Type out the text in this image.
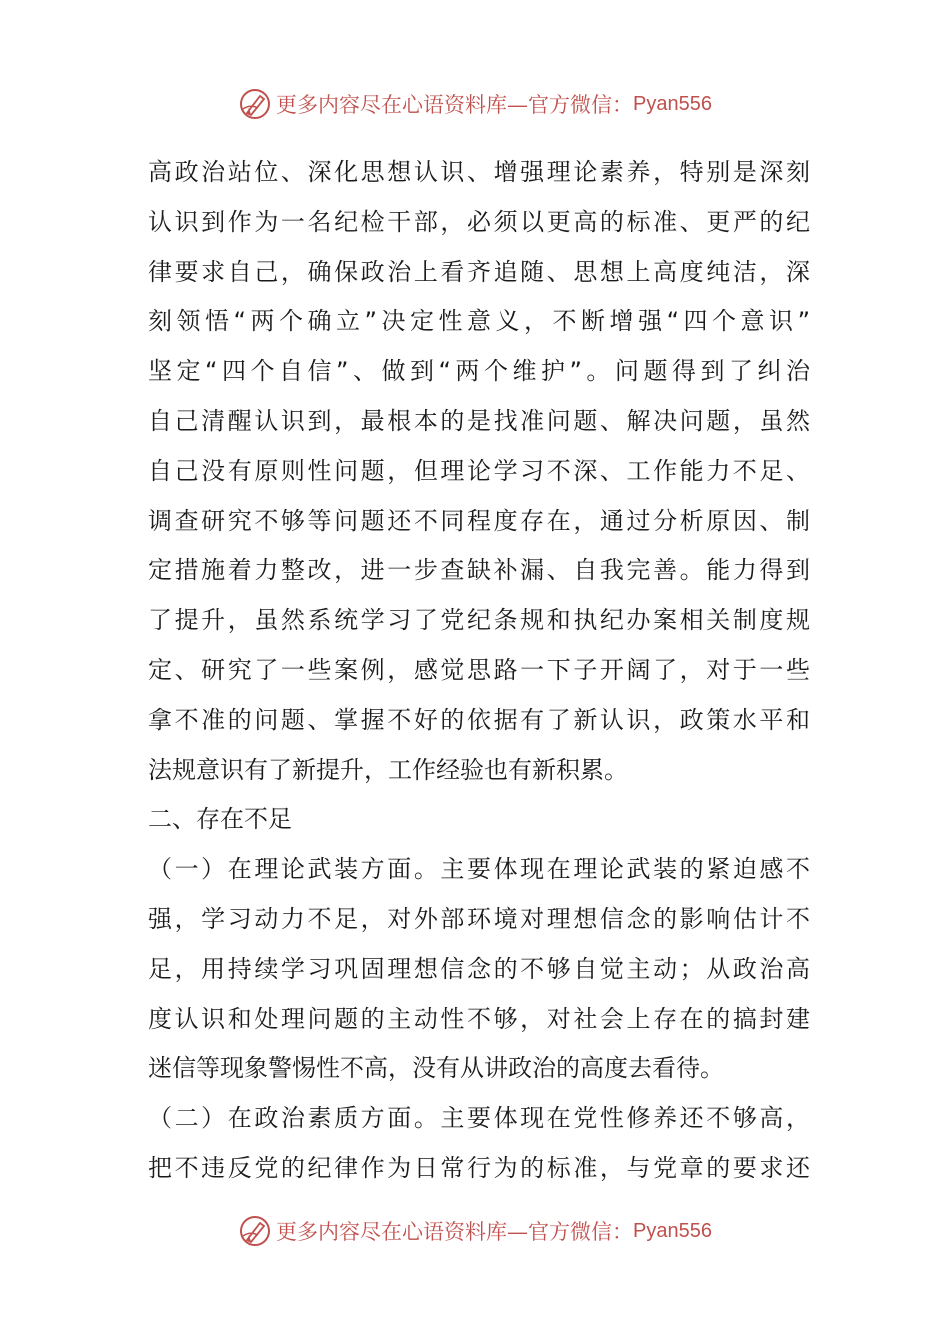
更多内容尽在心语资料库—官方微信： Pyan556
高政治站位、深化思想认识、增强理论素养，特别是深刻
认识到作为一名纪检干部，必须以更高的标准、更严的纪
律要求自己，确保政治上看齐追随、思想上高度纯洁，深
刻领悟“两个确立”决定性意义，不断增强“四个意识”
坚定“四个自信”、做到“两个维护”。问题得到了纠治
自己清醒认识到，最根本的是找准问题、解决问题，虽然
自己没有原则性问题，但理论学习不深、工作能力不足、
调查研究不够等问题还不同程度存在，通过分析原因、制
定措施着力整改，进一步查缺补漏、自我完善。能力得到
了提升，虽然系统学习了党纪条规和执纪办案相关制度规
定、研究了一些案例，感觉思路一下子开阔了，对于一些
拿不准的问题、掌握不好的依据有了新认识，政策水平和
法规意识有了新提升，工作经验也有新积累。
二、存在不足
（一）在理论武装方面。主要体现在理论武装的紧迫感不
强，学习动力不足，对外部环境对理想信念的影响估计不
足，用持续学习巩固理想信念的不够自觉主动；从政治高
度认识和处理问题的主动性不够，对社会上存在的搞封建
迷信等现象警惕性不高，没有从讲政治的高度去看待。
（二）在政治素质方面。主要体现在党性修养还不够高，
把不违反党的纪律作为日常行为的标准，与党章的要求还
更多内容尽在心语资料库—官方微信： Pyan556
